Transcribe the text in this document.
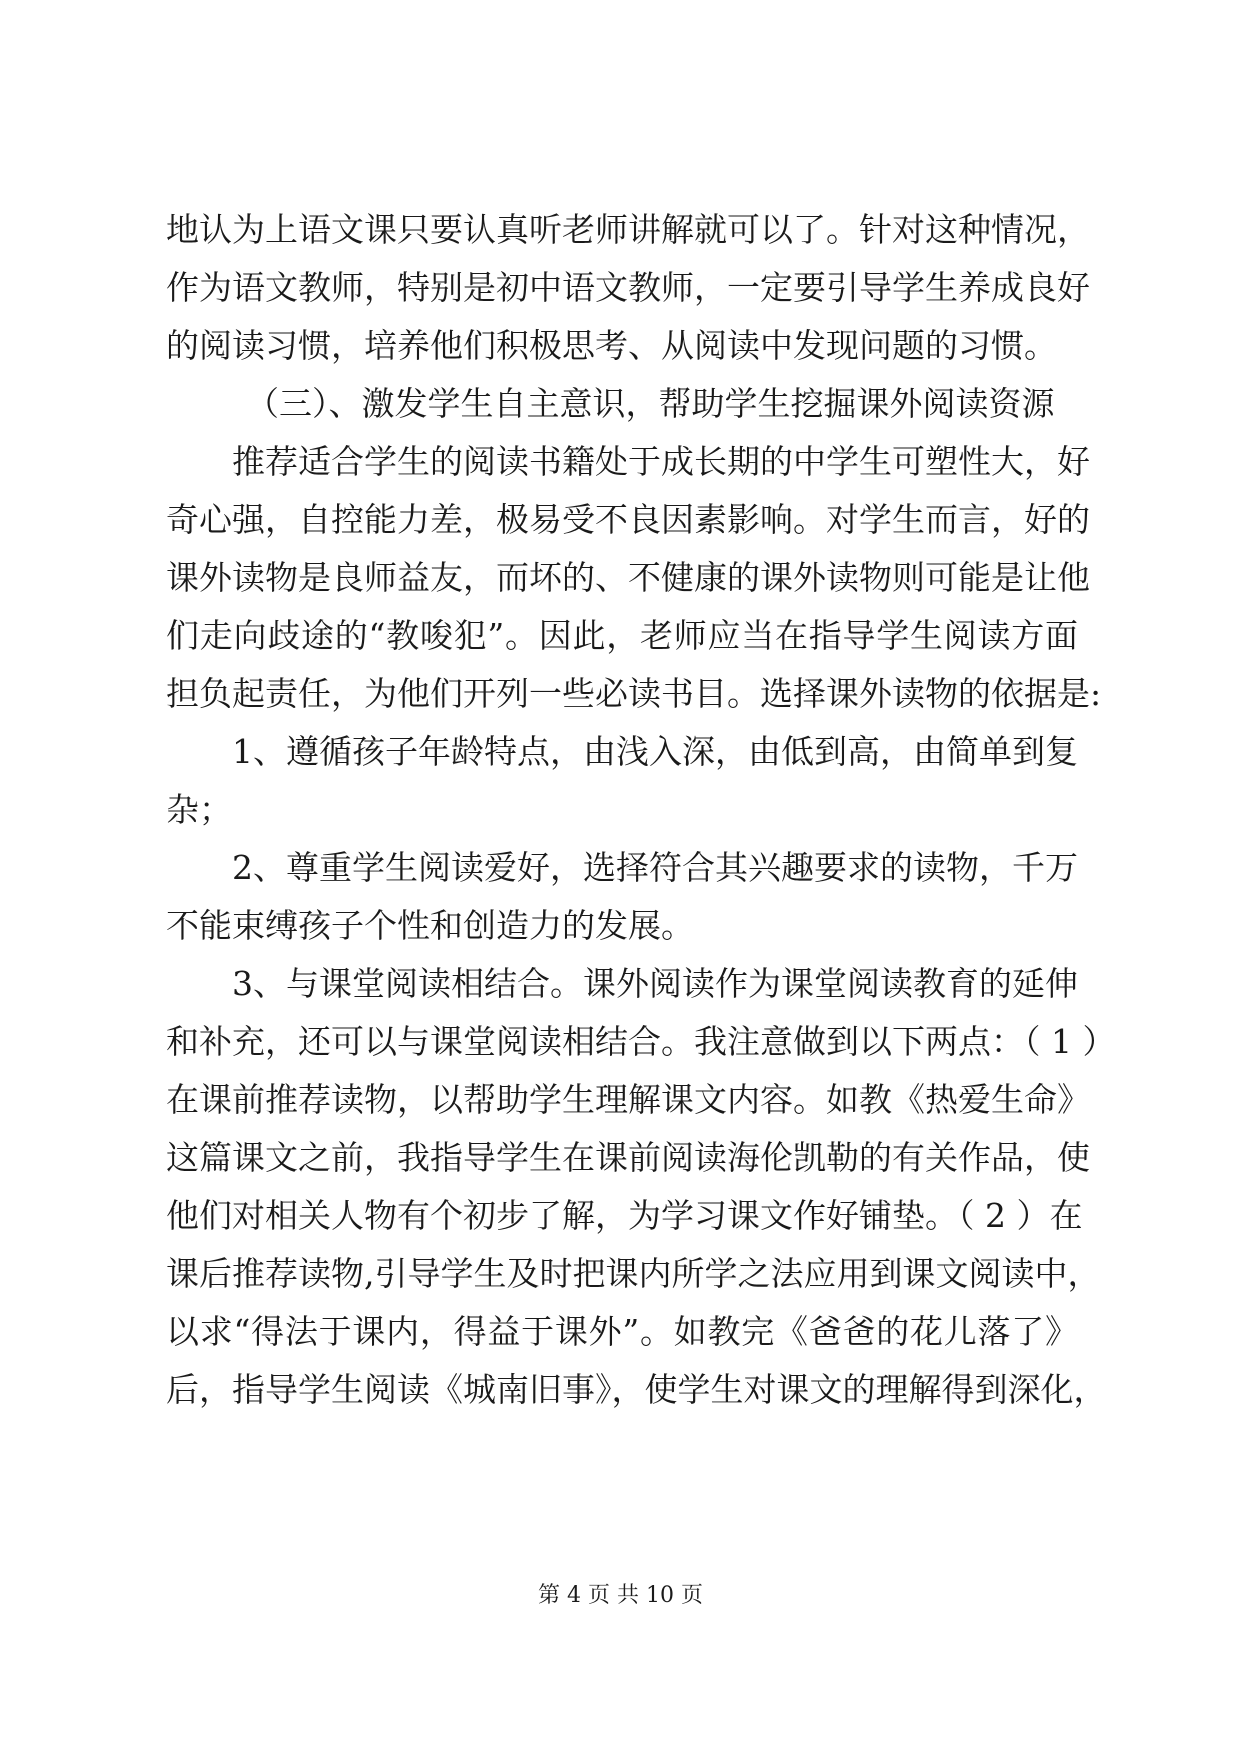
地认为上语文课只要认真听老师讲解就可以了。针对这种情况，
作为语文教师，特别是初中语文教师，一定要引导学生养成良好
的阅读习惯，培养他们积极思考、从阅读中发现问题的习惯。
（三）、激发学生自主意识，帮助学生挖掘课外阅读资源
推荐适合学生的阅读书籍处于成长期的中学生可塑性大，好
奇心强，自控能力差，极易受不良因素影响。对学生而言，好的
课外读物是良师益友，而坏的、不健康的课外读物则可能是让他
们走向歧途的“教唆犯”。因此，老师应当在指导学生阅读方面
担负起责任，为他们开列一些必读书目。选择课外读物的依据是:
1、遵循孩子年龄特点，由浅入深，由低到高，由简单到复
杂；
2、尊重学生阅读爱好，选择符合其兴趣要求的读物，千万
不能束缚孩子个性和创造力的发展。
3、与课堂阅读相结合。课外阅读作为课堂阅读教育的延伸
和补充，还可以与课堂阅读相结合。我注意做到以下两点：（ 1 ）
在课前推荐读物，以帮助学生理解课文内容。如教《热爱生命》
这篇课文之前，我指导学生在课前阅读海伦凯勒的有关作品，使
他们对相关人物有个初步了解，为学习课文作好铺垫。（ 2 ）在
课后推荐读物,引导学生及时把课内所学之法应用到课文阅读中，
以求“得法于课内，得益于课外”。如教完《爸爸的花儿落了》
后，指导学生阅读《城南旧事》，使学生对课文的理解得到深化，
第 4 页 共 10 页
